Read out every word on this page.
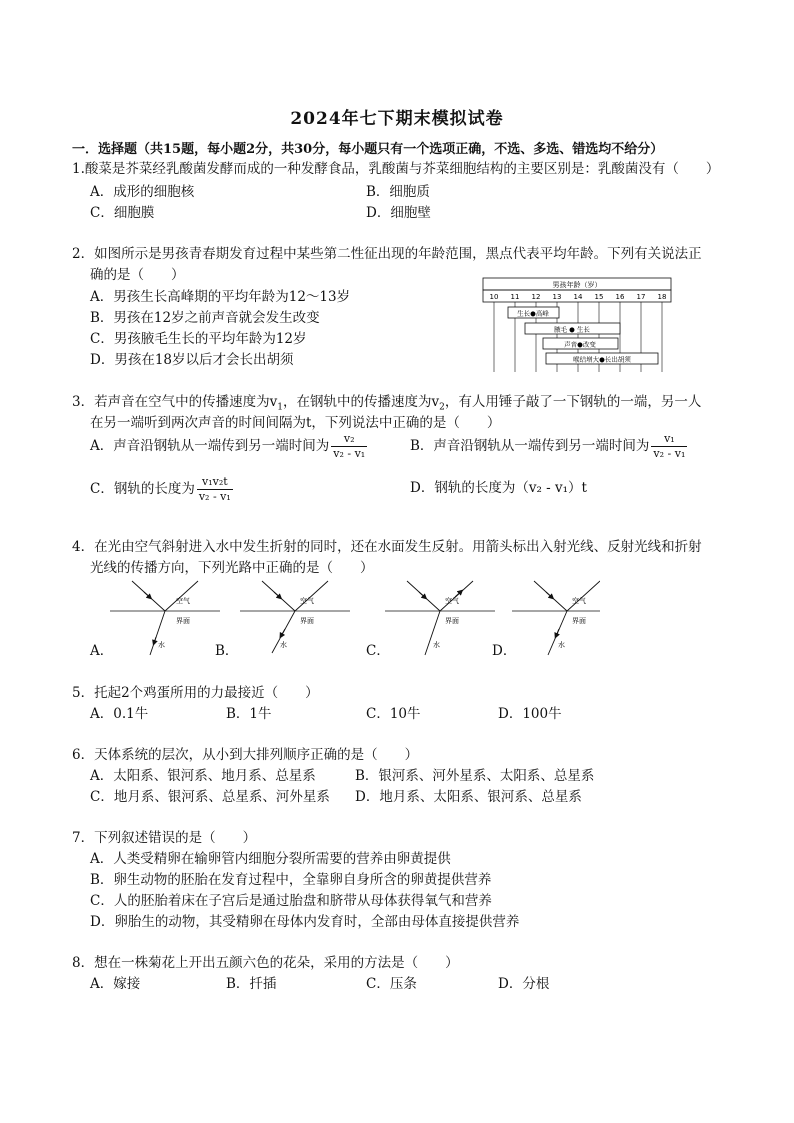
2024年七下期末模拟试卷
一．选择题（共15题，每小题2分，共30分，每小题只有一个选项正确，不选、多选、错选均不给分）
1.酸菜是芥菜经乳酸菌发酵而成的一种发酵食品，乳酸菌与芥菜细胞结构的主要区别是：乳酸菌没有（　　）
A．成形的细胞核	B．细胞质
C．细胞膜	D．细胞壁
2．如图所示是男孩青春期发育过程中某些第二性征出现的年龄范围，黑点代表平均年龄。下列有关说法正
确的是（　　）
A．男孩生长高峰期的平均年龄为12～13岁
B．男孩在12岁之前声音就会发生改变
C．男孩腋毛生长的平均年龄为12岁
D．男孩在18岁以后才会长出胡须
男孩年龄（岁）
10 11 12 13 14 15 16 17 18
生长●高峰
腋毛 ● 生长
声音●改变
喉结增大●长出胡须
3．若声音在空气中的传播速度为$v_1$，在钢轨中的传播速度为$v_2$，有人用锤子敲了一下钢轨的一端，另一人
在另一端听到两次声音的时间间隔为t，下列说法中正确的是（　　）
A．声音沿钢轨从一端传到另一端时间为 $\frac{\text{v₂}}{\text{v₂ - v₁}}$	B．声音沿钢轨从一端传到另一端时间为 $\frac{\text{v₁}}{\text{v₂ - v₁}}$
C．钢轨的长度为 $\frac{\text{v₁v₂t}}{\text{v₂ - v₁}}$	D．钢轨的长度为（v₂ - v₁）t
4．在光由空气斜射进入水中发生折射的同时，还在水面发生反射。用箭头标出入射光线、反射光线和折射
光线的传播方向，下列光路中正确的是（　　）
空气
界面
水
空气
界面
水
空气
界面
水
空气
界面
水
A．	B．	C．	D．
5．托起2个鸡蛋所用的力最接近（　　）
A．0.1牛	B．1牛	C．10牛	D．100牛
6．天体系统的层次，从小到大排列顺序正确的是（　　）
A．太阳系、银河系、地月系、总星系	B．银河系、河外星系、太阳系、总星系
C．地月系、银河系、总星系、河外星系 D．地月系、太阳系、银河系、总星系
7．下列叙述错误的是（　　）
A．人类受精卵在输卵管内细胞分裂所需要的营养由卵黄提供
B．卵生动物的胚胎在发育过程中，全靠卵自身所含的卵黄提供营养
C．人的胚胎着床在子宫后是通过胎盘和脐带从母体获得氧气和营养
D．卵胎生的动物，其受精卵在母体内发育时，全部由母体直接提供营养
8．想在一株菊花上开出五颜六色的花朵，采用的方法是（　　）
A．嫁接	B．扦插	C．压条	D．分根
